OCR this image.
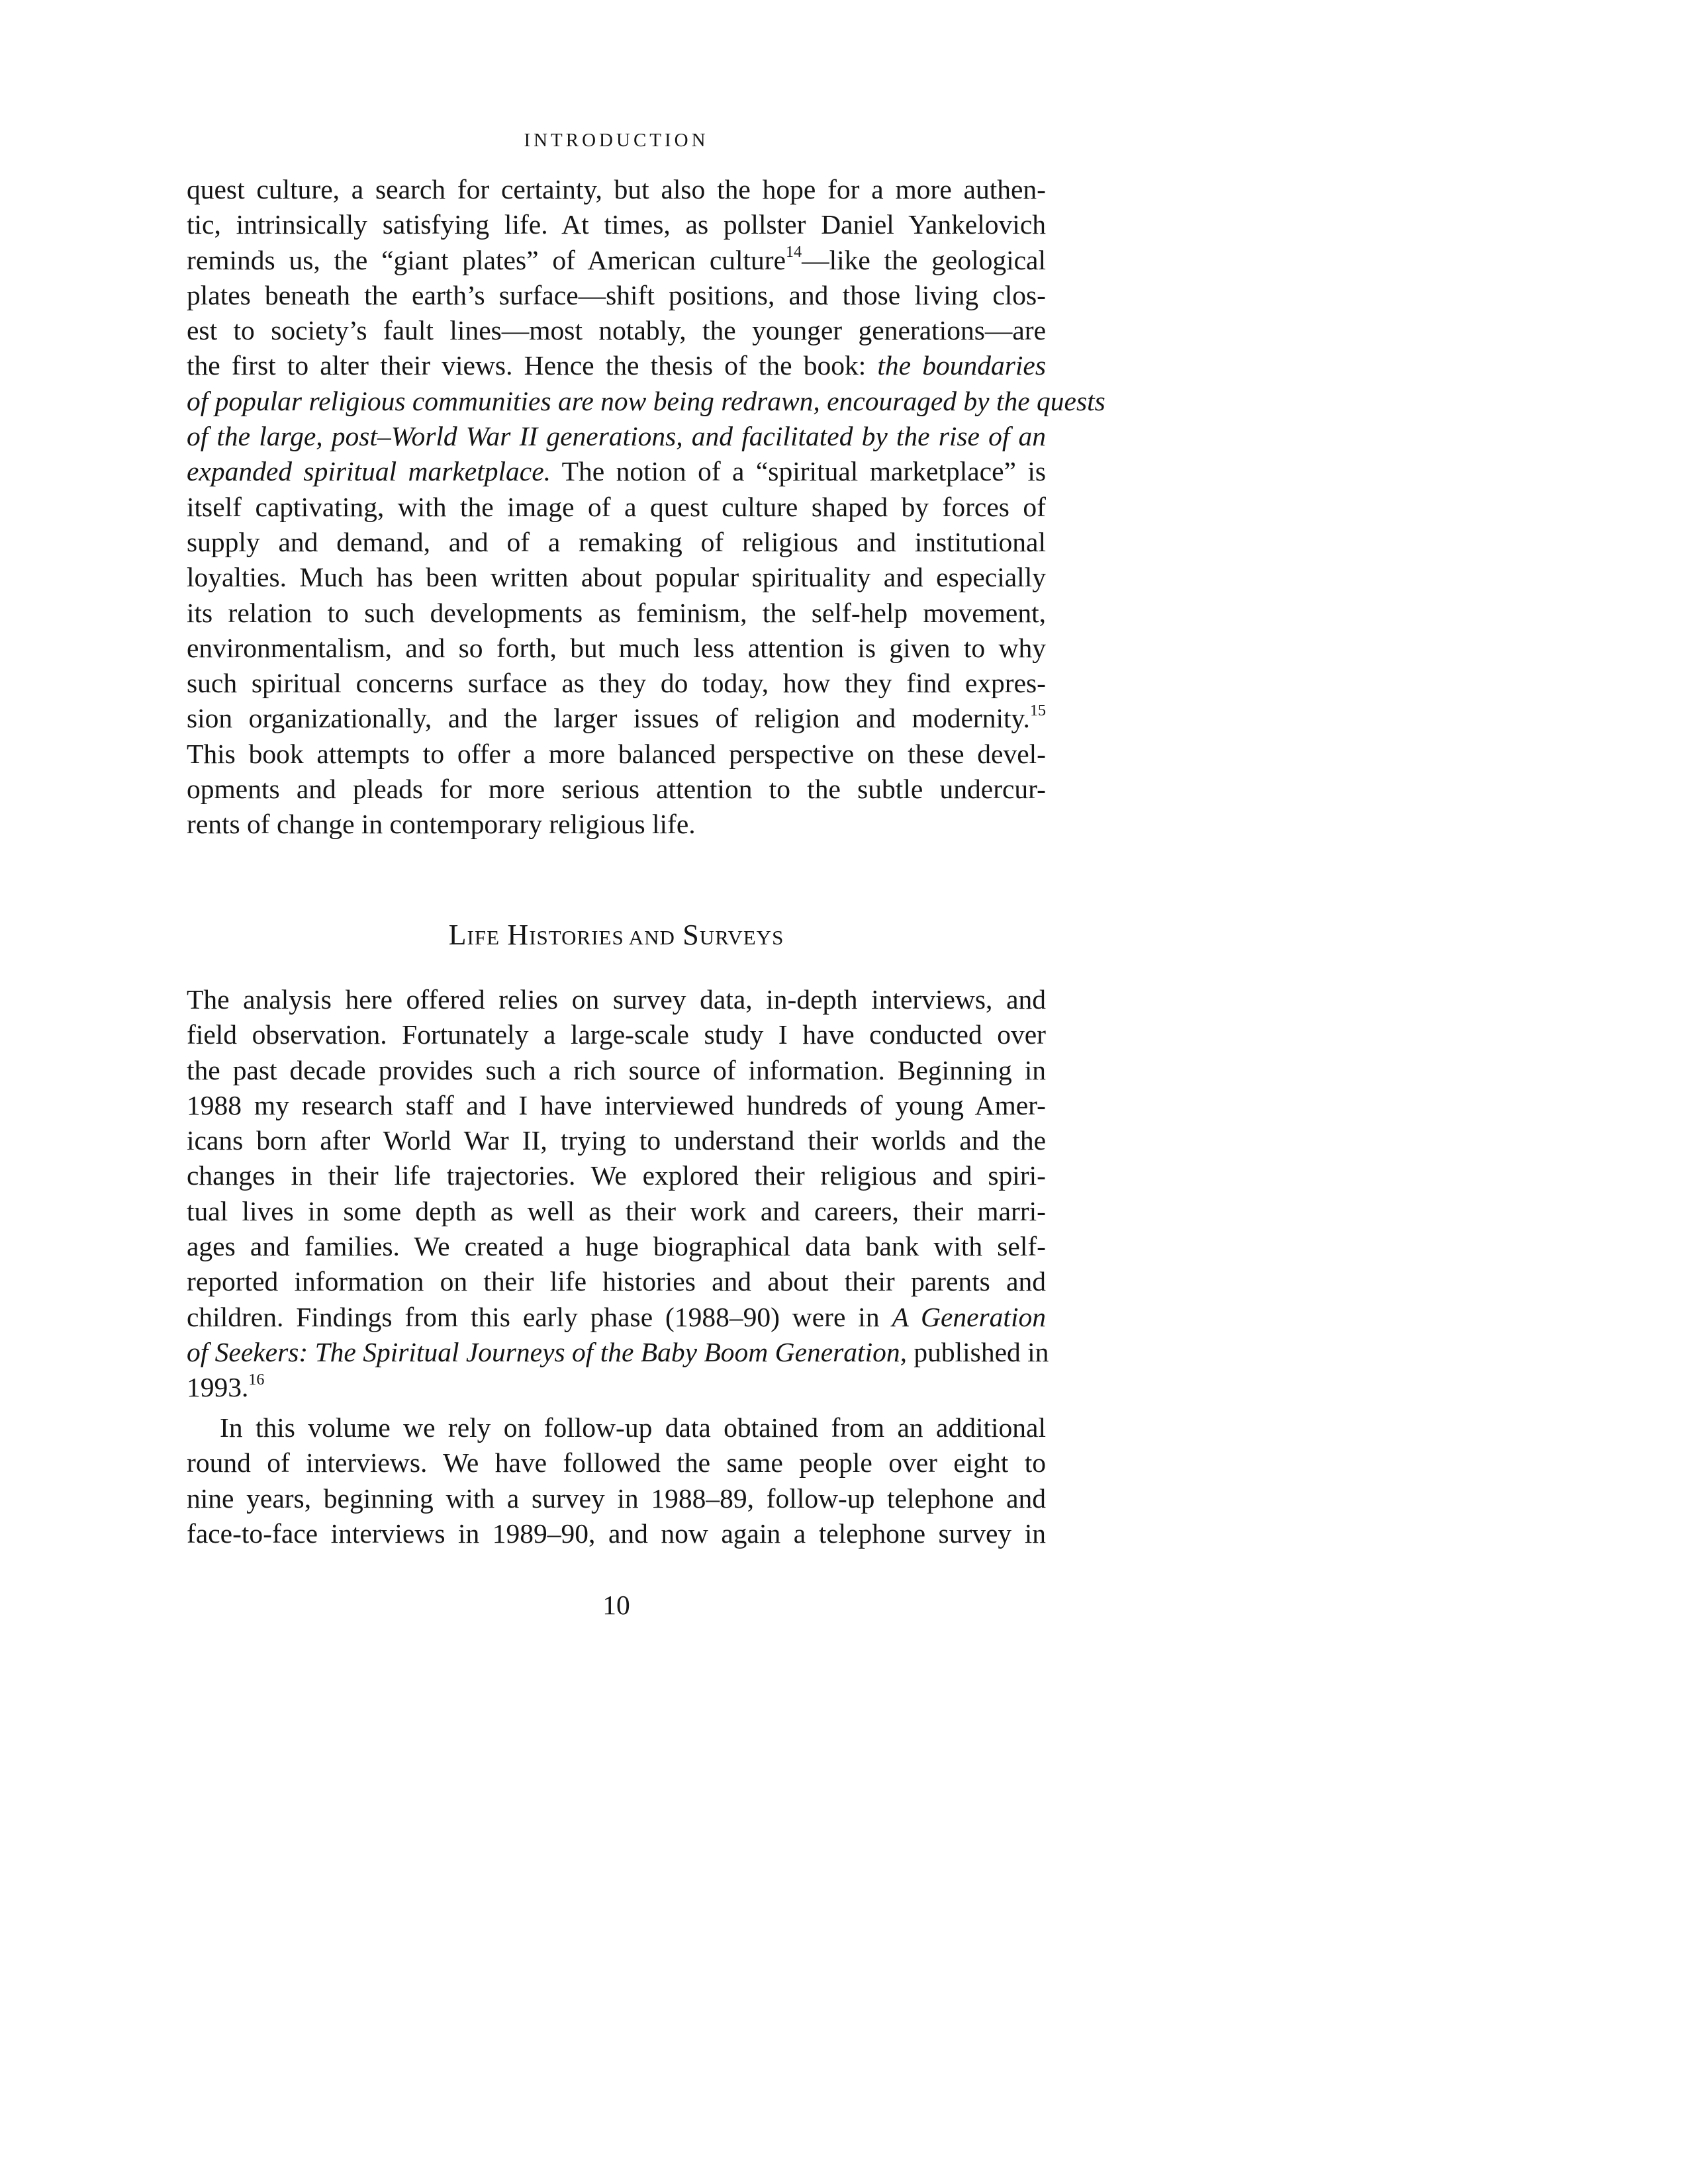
INTRODUCTION
quest culture, a search for certainty, but also the hope for a more authen-
tic, intrinsically satisfying life. At times, as pollster Daniel Yankelovich
reminds us, the “giant plates” of American culture$^{14}$—like the geological
plates beneath the earth’s surface—shift positions, and those living clos-
est to society’s fault lines—most notably, the younger generations—are
the first to alter their views. Hence the thesis of the book: the boundaries
of popular religious communities are now being redrawn, encouraged by the quests
of the large, post–World War II generations, and facilitated by the rise of an
expanded spiritual marketplace. The notion of a “spiritual marketplace” is
itself captivating, with the image of a quest culture shaped by forces of
supply and demand, and of a remaking of religious and institutional
loyalties. Much has been written about popular spirituality and especially
its relation to such developments as feminism, the self-help movement,
environmentalism, and so forth, but much less attention is given to why
such spiritual concerns surface as they do today, how they find expres-
sion organizationally, and the larger issues of religion and modernity.$^{15}$
This book attempts to offer a more balanced perspective on these devel-
opments and pleads for more serious attention to the subtle undercur-
rents of change in contemporary religious life.
LIFE HISTORIES AND SURVEYS
The analysis here offered relies on survey data, in-depth interviews, and
field observation. Fortunately a large-scale study I have conducted over
the past decade provides such a rich source of information. Beginning in
1988 my research staff and I have interviewed hundreds of young Amer-
icans born after World War II, trying to understand their worlds and the
changes in their life trajectories. We explored their religious and spiri-
tual lives in some depth as well as their work and careers, their marri-
ages and families. We created a huge biographical data bank with self-
reported information on their life histories and about their parents and
children. Findings from this early phase (1988–90) were in A Generation
of Seekers: The Spiritual Journeys of the Baby Boom Generation, published in
1993.16
In this volume we rely on follow-up data obtained from an additional
round of interviews. We have followed the same people over eight to
nine years, beginning with a survey in 1988–89, follow-up telephone and
face-to-face interviews in 1989–90, and now again a telephone survey in
10
